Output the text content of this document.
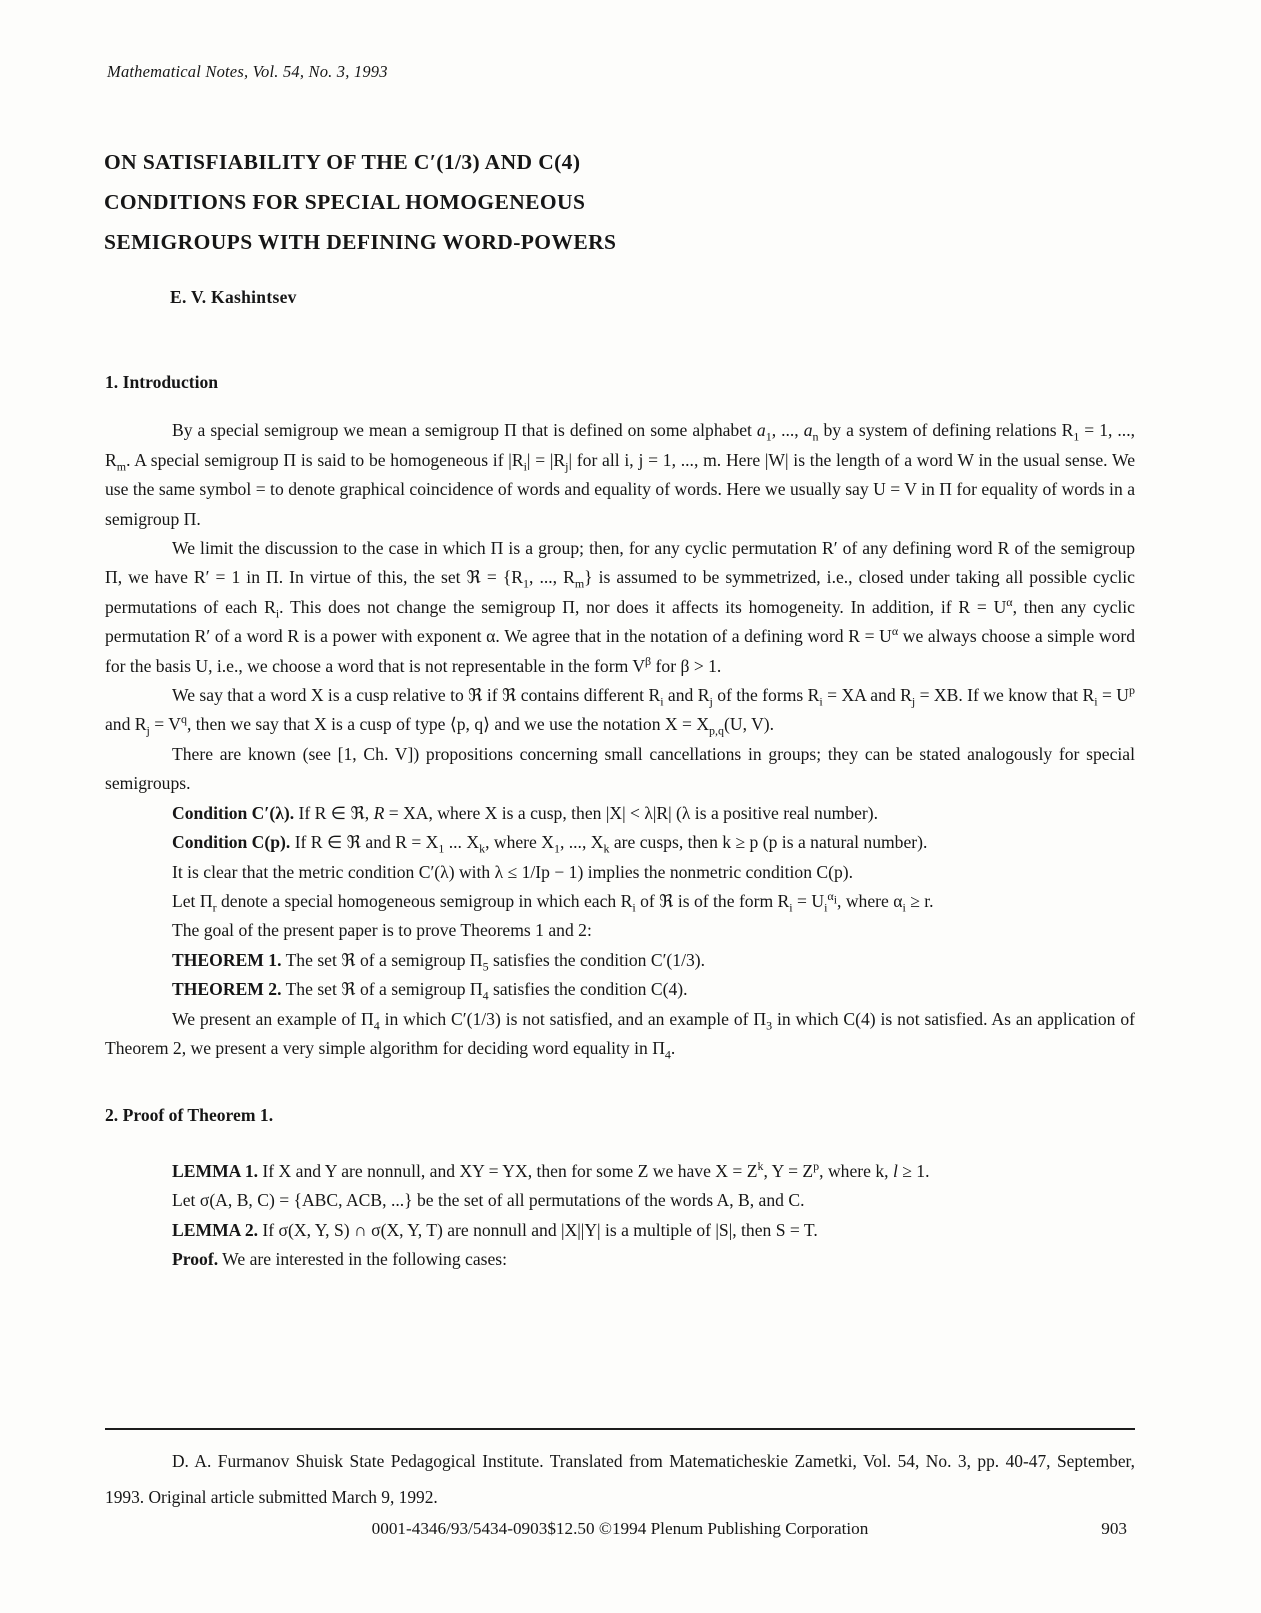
Mathematical Notes, Vol. 54, No. 3, 1993
ON SATISFIABILITY OF THE C′(1/3) AND C(4)
CONDITIONS FOR SPECIAL HOMOGENEOUS
SEMIGROUPS WITH DEFINING WORD-POWERS
E. V. Kashintsev
1. Introduction
By a special semigroup we mean a semigroup Π that is defined on some alphabet $a_1$, ..., $a_n$ by a system of defining relations $R_1 = 1$, ..., $R_m$. A special semigroup Π is said to be homogeneous if $|R_i| = |R_j|$ for all i, j = 1, ..., m. Here |W| is the length of a word W in the usual sense. We use the same symbol = to denote graphical coincidence of words and equality of words. Here we usually say U = V in Π for equality of words in a semigroup Π.
We limit the discussion to the case in which Π is a group; then, for any cyclic permutation R′ of any defining word R of the semigroup Π, we have R′ = 1 in Π. In virtue of this, the set ℜ = {$R_1$, ..., $R_m$} is assumed to be symmetrized, i.e., closed under taking all possible cyclic permutations of each $R_i$. This does not change the semigroup Π, nor does it affects its homogeneity. In addition, if $R = U^\alpha$, then any cyclic permutation R′ of a word R is a power with exponent α. We agree that in the notation of a defining word $R = U^\alpha$ we always choose a simple word for the basis U, i.e., we choose a word that is not representable in the form $V^\beta$ for β > 1.
We say that a word X is a cusp relative to ℜ if ℜ contains different $R_i$ and $R_j$ of the forms $R_i$ = XA and $R_j$ = XB. If we know that $R_i = U^p$ and $R_j = V^q$, then we say that X is a cusp of type ⟨p, q⟩ and we use the notation $X = X_{p,q}(U$, V).
There are known (see [1, Ch. V]) propositions concerning small cancellations in groups; they can be stated analogously for special semigroups.
Condition C′(λ). If R ∈ ℜ, R = XA, where X is a cusp, then |X| < λ|R| (λ is a positive real number).
Condition C(p). If R ∈ ℜ and $R = X_1$ ... $X_k$, where $X_1$, ..., $X_k$ are cusps, then k ≥ p (p is a natural number).
It is clear that the metric condition C′(λ) with λ ≤ 1/Ip − 1) implies the nonmetric condition C(p).
Let $\Pi_r$ denote a special homogeneous semigroup in which each $R_i$ of ℜ is of the form $R_i = U_i^{\alpha_i}$, where $\alpha_i \ge r$.
The goal of the present paper is to prove Theorems 1 and 2:
THEOREM 1. The set ℜ of a semigroup $\Pi_5$ satisfies the condition C′(1/3).
THEOREM 2. The set ℜ of a semigroup $\Pi_4$ satisfies the condition C(4).
We present an example of $\Pi_4$ in which C′(1/3) is not satisfied, and an example of $\Pi_3$ in which C(4) is not satisfied. As an application of Theorem 2, we present a very simple algorithm for deciding word equality in $\Pi_4$.
2. Proof of Theorem 1.
LEMMA 1. If X and Y are nonnull, and XY = YX, then for some Z we have $X = Z^k$, $Y = Z^p$, where k, l ≥ 1.
Let σ(A, B, C) = {ABC, ACB, ...} be the set of all permutations of the words A, B, and C.
LEMMA 2. If σ(X, Y, S) ∩ σ(X, Y, T) are nonnull and |X||Y| is a multiple of |S|, then S = T.
Proof. We are interested in the following cases:
D. A. Furmanov Shuisk State Pedagogical Institute. Translated from Matematicheskie Zametki, Vol. 54, No. 3, pp. 40-47, September, 1993. Original article submitted March 9, 1992.
0001-4346/93/5434-0903$12.50 ©1994 Plenum Publishing Corporation	903
